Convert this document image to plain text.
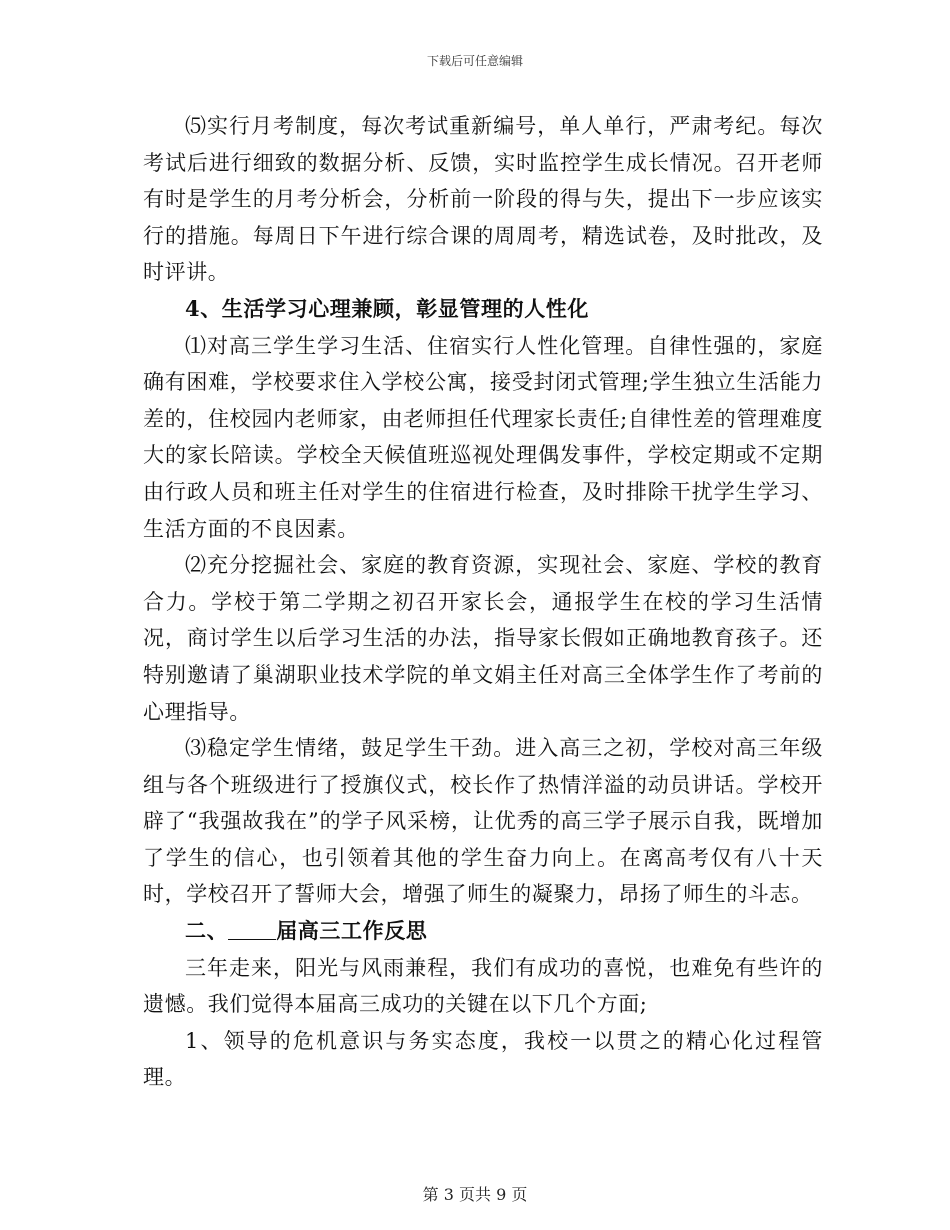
下载后可任意编辑

⑸实行月考制度，每次考试重新编号，单人单行，严肃考纪。每次考试后进行细致的数据分析、反馈，实时监控学生成长情况。召开老师有时是学生的月考分析会，分析前一阶段的得与失，提出下一步应该实行的措施。每周日下午进行综合课的周周考，精选试卷，及时批改，及时评讲。

4、生活学习心理兼顾，彰显管理的人性化

⑴对高三学生学习生活、住宿实行人性化管理。自律性强的，家庭确有困难，学校要求住入学校公寓，接受封闭式管理;学生独立生活能力差的，住校园内老师家，由老师担任代理家长责任;自律性差的管理难度大的家长陪读。学校全天候值班巡视处理偶发事件，学校定期或不定期由行政人员和班主任对学生的住宿进行检查，及时排除干扰学生学习、生活方面的不良因素。

⑵充分挖掘社会、家庭的教育资源，实现社会、家庭、学校的教育合力。学校于第二学期之初召开家长会，通报学生在校的学习生活情况，商讨学生以后学习生活的办法，指导家长假如正确地教育孩子。还特别邀请了巢湖职业技术学院的单文娟主任对高三全体学生作了考前的心理指导。

⑶稳定学生情绪，鼓足学生干劲。进入高三之初，学校对高三年级组与各个班级进行了授旗仪式，校长作了热情洋溢的动员讲话。学校开辟了“我强故我在”的学子风采榜，让优秀的高三学子展示自我，既增加了学生的信心，也引领着其他的学生奋力向上。在离高考仅有八十天时，学校召开了誓师大会，增强了师生的凝聚力，昂扬了师生的斗志。

二、 届高三工作反思

三年走来，阳光与风雨兼程，我们有成功的喜悦，也难免有些许的遗憾。我们觉得本届高三成功的关键在以下几个方面;

1、领导的危机意识与务实态度，我校一以贯之的精心化过程管理。

第 3 页共 9 页
